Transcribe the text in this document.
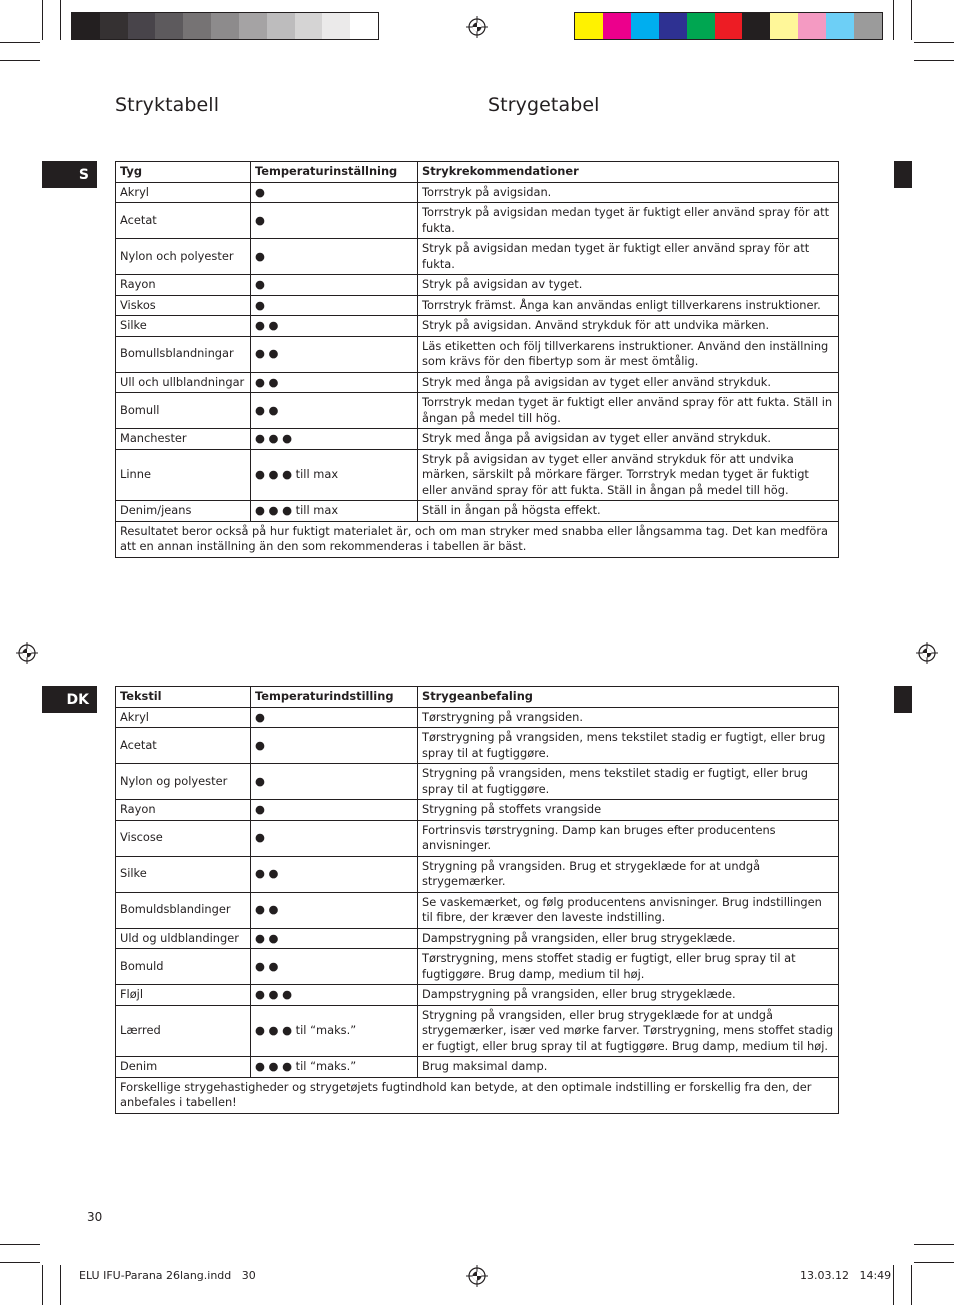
Stryktabell	Strygetabel
S
DK
Tyg	Temperaturinställning	Strykrekommendationer
Akryl	●	Torrstryk på avigsidan.
Acetat	●	Torrstryk på avigsidan medan tyget är fuktigt eller använd spray för att fukta.
Nylon och polyester	●	Stryk på avigsidan medan tyget är fuktigt eller använd spray för att fukta.
Rayon	●	Stryk på avigsidan av tyget.
Viskos	●	Torrstryk främst. Ånga kan användas enligt tillverkarens instruktioner.
Silke	● ●	Stryk på avigsidan. Använd strykduk för att undvika märken.
Bomullsblandningar	● ●	Läs etiketten och följ tillverkarens instruktioner. Använd den inställning som krävs för den fibertyp som är mest ömtålig.
Ull och ullblandningar	● ●	Stryk med ånga på avigsidan av tyget eller använd strykduk.
Bomull	● ●	Torrstryk medan tyget är fuktigt eller använd spray för att fukta. Ställ in ångan på medel till hög.
Manchester	● ● ●	Stryk med ånga på avigsidan av tyget eller använd strykduk.
Linne	● ● ● till max	Stryk på avigsidan av tyget eller använd strykduk för att undvika märken, särskilt på mörkare färger. Torrstryk medan tyget är fuktigt eller använd spray för att fukta. Ställ in ångan på medel till hög.
Denim/jeans	● ● ● till max	Ställ in ångan på högsta effekt.
Resultatet beror också på hur fuktigt materialet är, och om man stryker med snabba eller långsamma tag. Det kan medföra att en annan inställning än den som rekommenderas i tabellen är bäst.		
Tekstil	Temperaturindstilling	Strygeanbefaling
Akryl	●	Tørstrygning på vrangsiden.
Acetat	●	Tørstrygning på vrangsiden, mens tekstilet stadig er fugtigt, eller brug spray til at fugtiggøre.
Nylon og polyester	●	Strygning på vrangsiden, mens tekstilet stadig er fugtigt, eller brug spray til at fugtiggøre.
Rayon	●	Strygning på stoffets vrangside
Viscose	●	Fortrinsvis tørstrygning. Damp kan bruges efter producentens anvisninger.
Silke	● ●	Strygning på vrangsiden. Brug et strygeklæde for at undgå strygemærker.
Bomuldsblandinger	● ●	Se vaskemærket, og følg producentens anvisninger. Brug indstillingen til fibre, der kræver den laveste indstilling.
Uld og uldblandinger	● ●	Dampstrygning på vrangsiden, eller brug strygeklæde.
Bomuld	● ●	Tørstrygning, mens stoffet stadig er fugtigt, eller brug spray til at fugtiggøre. Brug damp, medium til høj.
Fløjl	● ● ●	Dampstrygning på vrangsiden, eller brug strygeklæde.
Lærred	● ● ● til “maks.”	Strygning på vrangsiden, eller brug strygeklæde for at undgå strygemærker, især ved mørke farver. Tørstrygning, mens stoffet stadig er fugtigt, eller brug spray til at fugtiggøre. Brug damp, medium til høj.
Denim	● ● ● til “maks.”	Brug maksimal damp.
Forskellige strygehastigheder og strygetøjets fugtindhold kan betyde, at den optimale indstilling er forskellig fra den, der anbefales i tabellen!		
30
ELU IFU-Parana 26lang.indd   30	13.03.12   14:49
